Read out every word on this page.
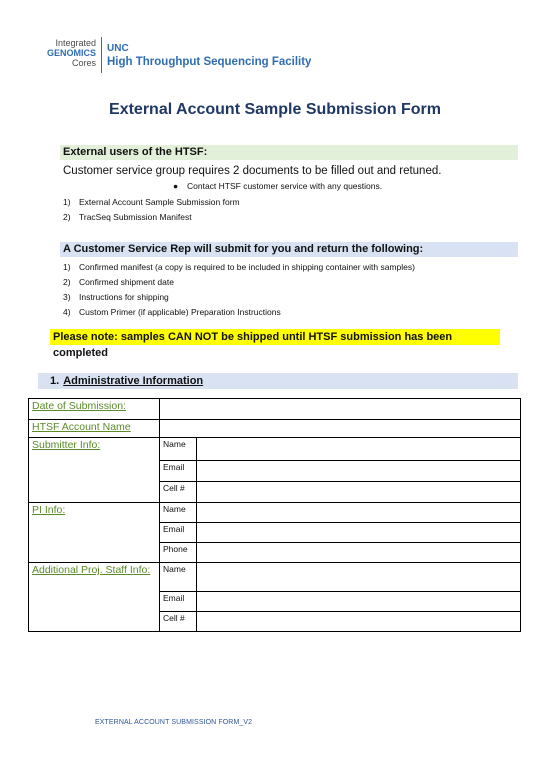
Integrated
GENOMICS
Cores
UNC
High Throughput Sequencing Facility
External Account Sample Submission Form
External users of the HTSF:
Customer service group requires 2 documents to be filled out and retuned.
● Contact HTSF customer service with any questions.
1) External Account Sample Submission form
2) TracSeq Submission Manifest
A Customer Service Rep will submit for you and return the following:
1) Confirmed manifest (a copy is required to be included in shipping container with samples)
2) Confirmed shipment date
3) Instructions for shipping
4) Custom Primer (if applicable) Preparation Instructions
Please note: samples CAN NOT be shipped until HTSF submission has been completed
1. Administrative Information
Date of Submission:		
HTSF Account Name		
Submitter Info:	Name	
	Email	
	Cell #	
PI Info:	Name	
	Email	
	Phone	
Additional Proj. Staff Info:	Name	
	Email	
	Cell #	
EXTERNAL ACCOUNT SUBMISSION FORM_V2
